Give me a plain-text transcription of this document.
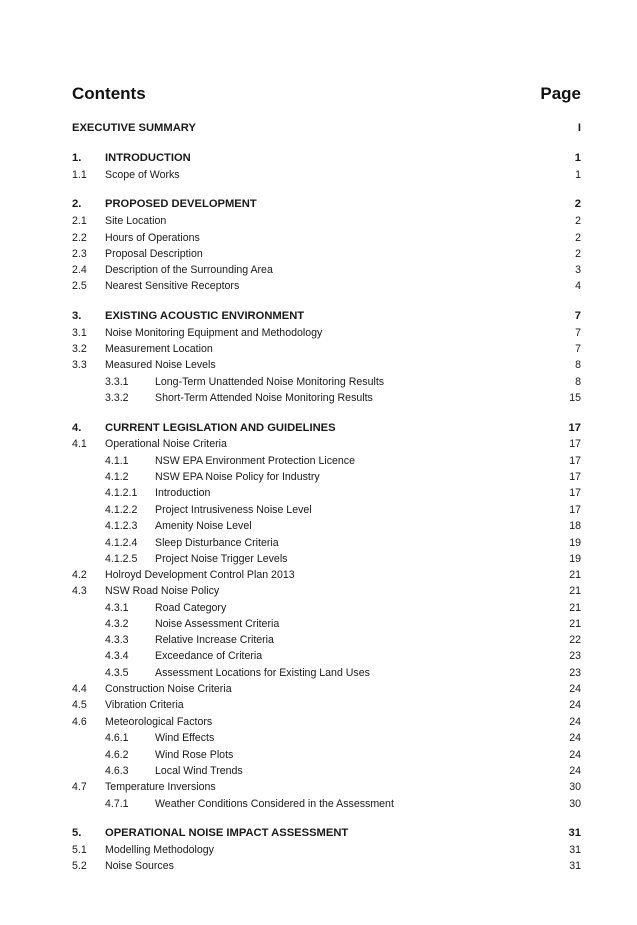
Contents	Page
EXECUTIVE SUMMARY	I
1. INTRODUCTION	1
1.1 Scope of Works	1
2. PROPOSED DEVELOPMENT	2
2.1 Site Location	2
2.2 Hours of Operations	2
2.3 Proposal Description	2
2.4 Description of the Surrounding Area	3
2.5 Nearest Sensitive Receptors	4
3. EXISTING ACOUSTIC ENVIRONMENT	7
3.1 Noise Monitoring Equipment and Methodology	7
3.2 Measurement Location	7
3.3 Measured Noise Levels	8
3.3.1 Long-Term Unattended Noise Monitoring Results	8
3.3.2 Short-Term Attended Noise Monitoring Results	15
4. CURRENT LEGISLATION AND GUIDELINES	17
4.1 Operational Noise Criteria	17
4.1.1 NSW EPA Environment Protection Licence	17
4.1.2 NSW EPA Noise Policy for Industry	17
4.1.2.1 Introduction	17
4.1.2.2 Project Intrusiveness Noise Level	17
4.1.2.3 Amenity Noise Level	18
4.1.2.4 Sleep Disturbance Criteria	19
4.1.2.5 Project Noise Trigger Levels	19
4.2 Holroyd Development Control Plan 2013	21
4.3 NSW Road Noise Policy	21
4.3.1 Road Category	21
4.3.2 Noise Assessment Criteria	21
4.3.3 Relative Increase Criteria	22
4.3.4 Exceedance of Criteria	23
4.3.5 Assessment Locations for Existing Land Uses	23
4.4 Construction Noise Criteria	24
4.5 Vibration Criteria	24
4.6 Meteorological Factors	24
4.6.1 Wind Effects	24
4.6.2 Wind Rose Plots	24
4.6.3 Local Wind Trends	24
4.7 Temperature Inversions	30
4.7.1 Weather Conditions Considered in the Assessment	30
5. OPERATIONAL NOISE IMPACT ASSESSMENT	31
5.1 Modelling Methodology	31
5.2 Noise Sources	31
